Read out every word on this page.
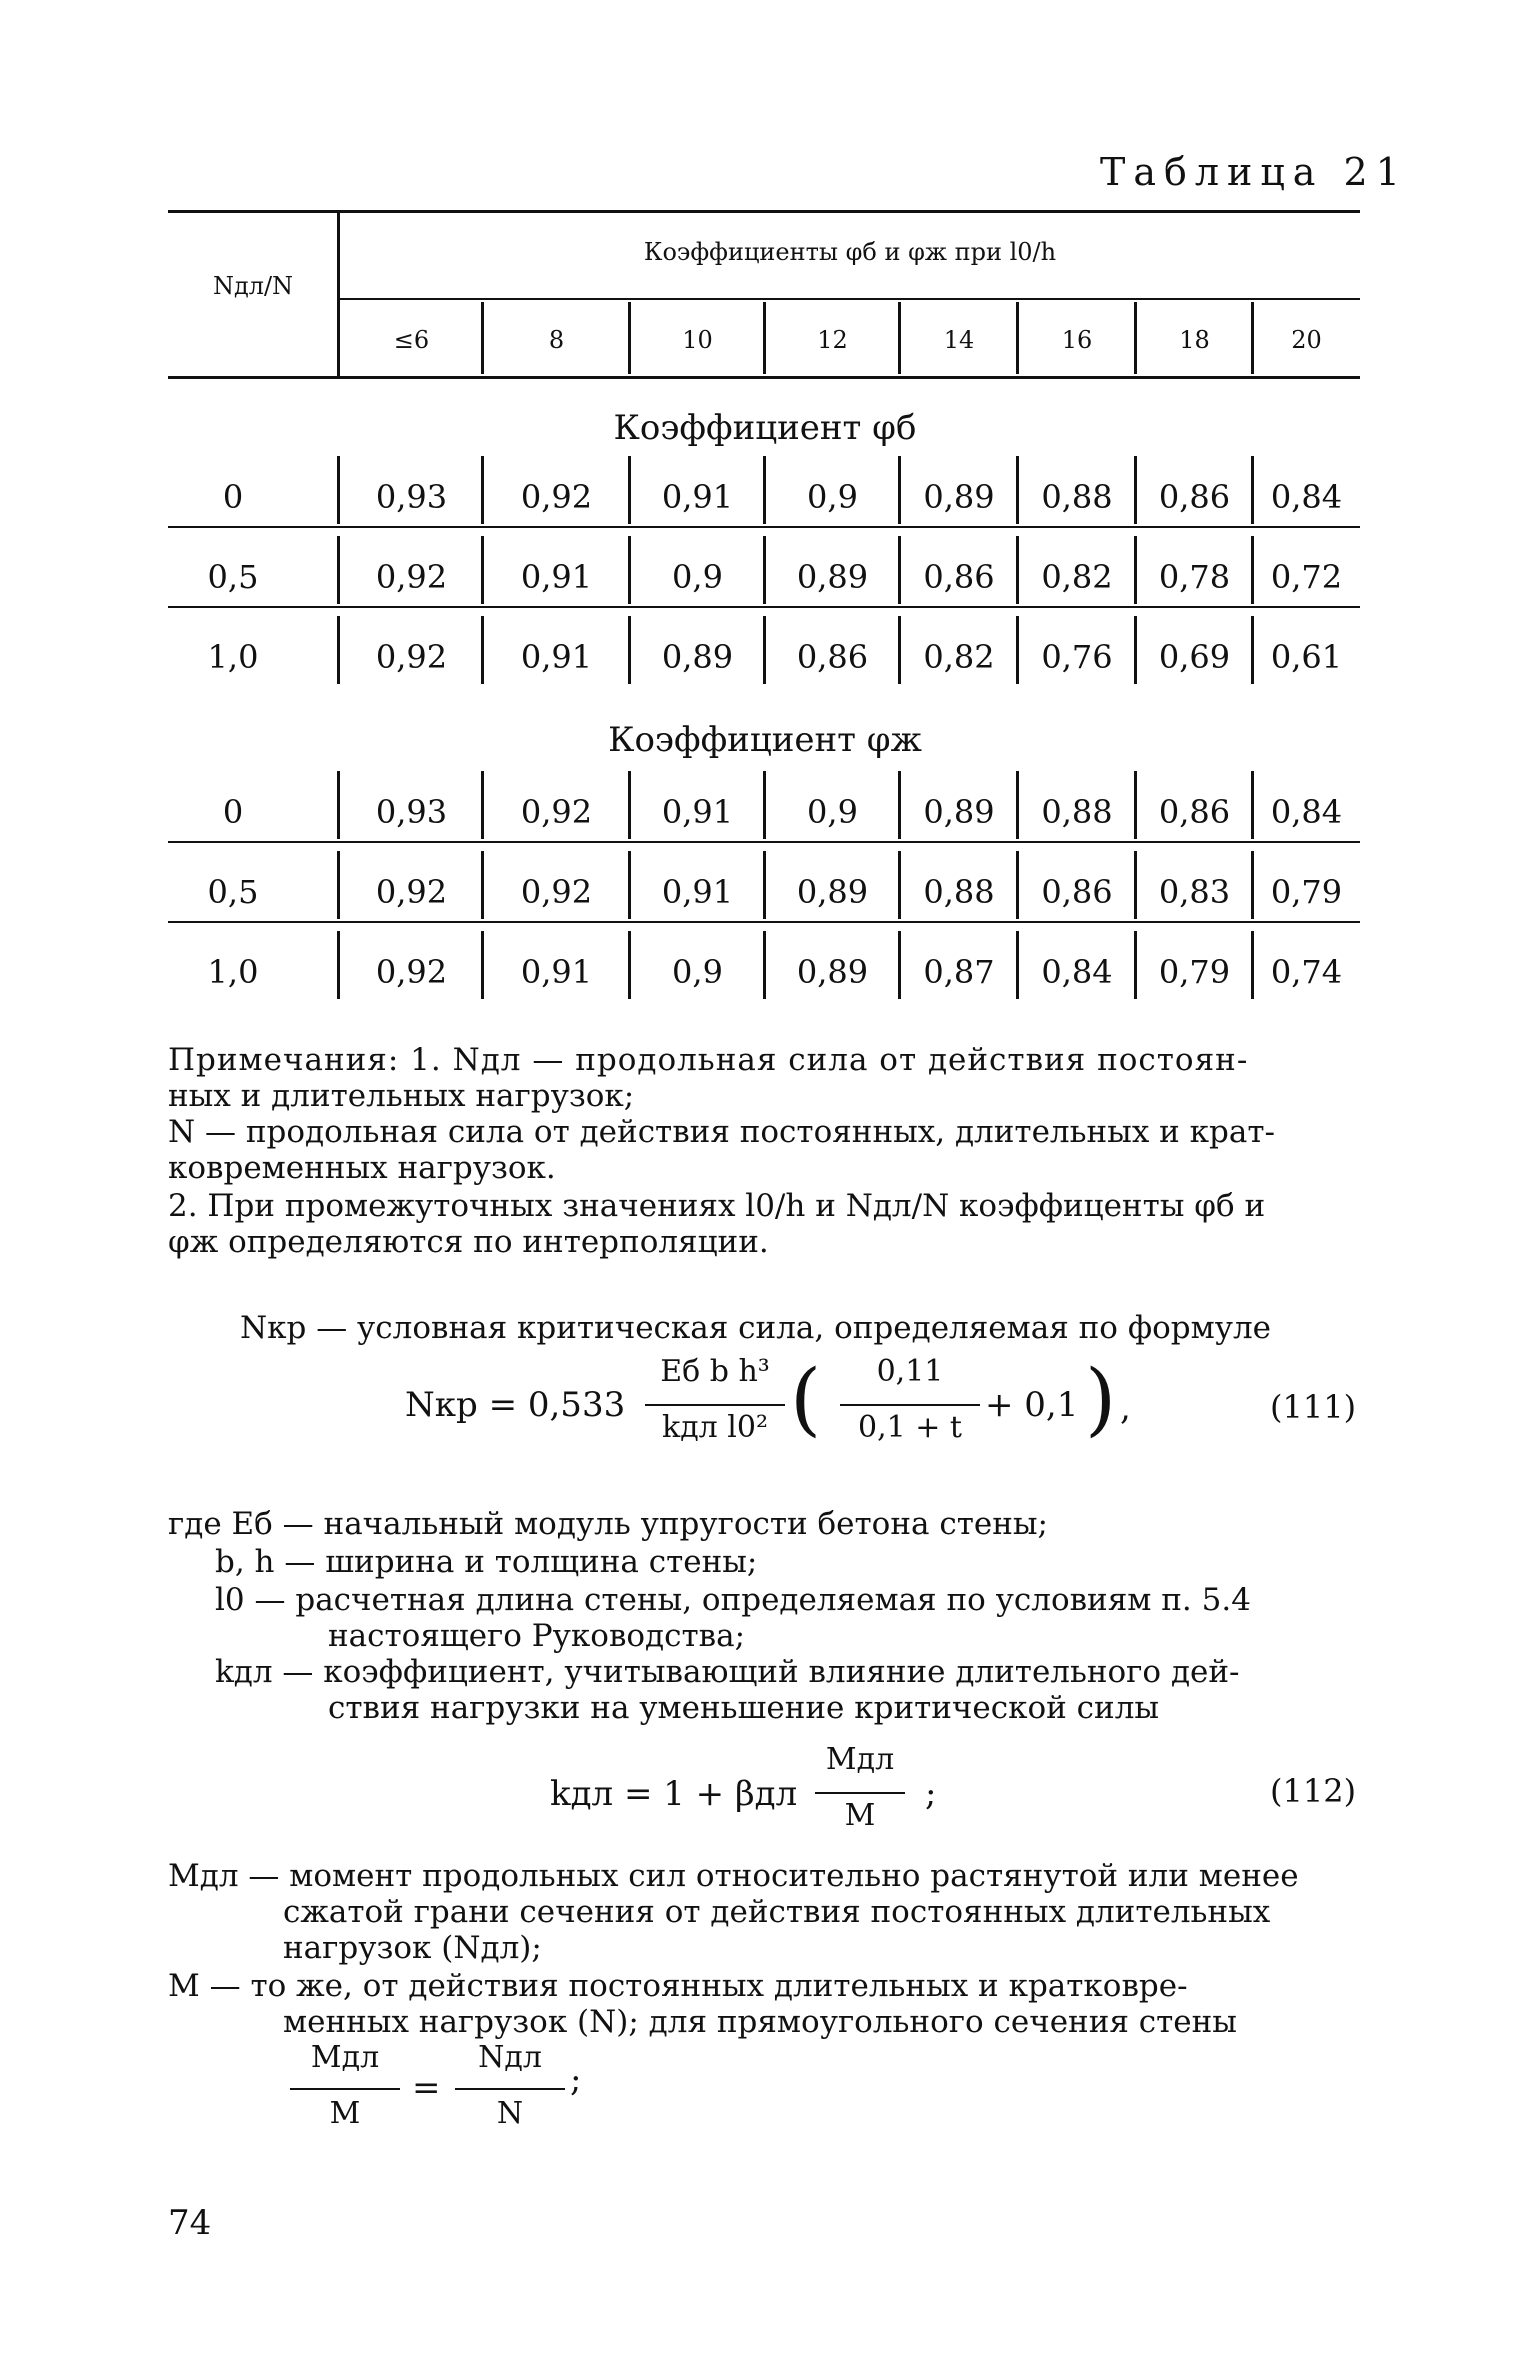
Таблица 21
Nдл/N
Коэффициенты φб и φж при l0/h
≤6	8	10	12	14	16	18	20
Коэффициент φб
0	0,93	0,92	0,91	0,9	0,89	0,88	0,86	0,84
0,5	0,92	0,91	0,9	0,89	0,86	0,82	0,78	0,72
1,0	0,92	0,91	0,89	0,86	0,82	0,76	0,69	0,61
Коэффициент φж
0	0,93	0,92	0,91	0,9	0,89	0,88	0,86	0,84
0,5	0,92	0,92	0,91	0,89	0,88	0,86	0,83	0,79
1,0	0,92	0,91	0,9	0,89	0,87	0,84	0,79	0,74
Примечания: 1. Nдл — продольная сила от действия постоян-
ных и длительных нагрузок;
N — продольная сила от действия постоянных, длительных и крат-
ковременных нагрузок.
2. При промежуточных значениях l0/h и Nдл/N коэффиценты φб и
φж определяются по интерполяции.
Nкр — условная критическая сила, определяемая по формуле
Nкр = 0,533
Eб b h³
kдл l0² (	0,11
0,1 + t
+ 0,1 ) ,	(111)
где Eб — начальный модуль упругости бетона стены;
b, h — ширина и толщина стены;
l0 — расчетная длина стены, определяемая по условиям п. 5.4
настоящего Руководства;
kдл — коэффициент, учитывающий влияние длительного дей-
ствия нагрузки на уменьшение критической силы
kдл = 1 + βдл
Mдл
M
;	(112)
Mдл — момент продольных сил относительно растянутой или менее
сжатой грани сечения от действия постоянных длительных
нагрузок (Nдл);
M — то же, от действия постоянных длительных и кратковре-
менных нагрузок (N); для прямоугольного сечения стены
Mдл
M
=
Nдл
N
;
74
